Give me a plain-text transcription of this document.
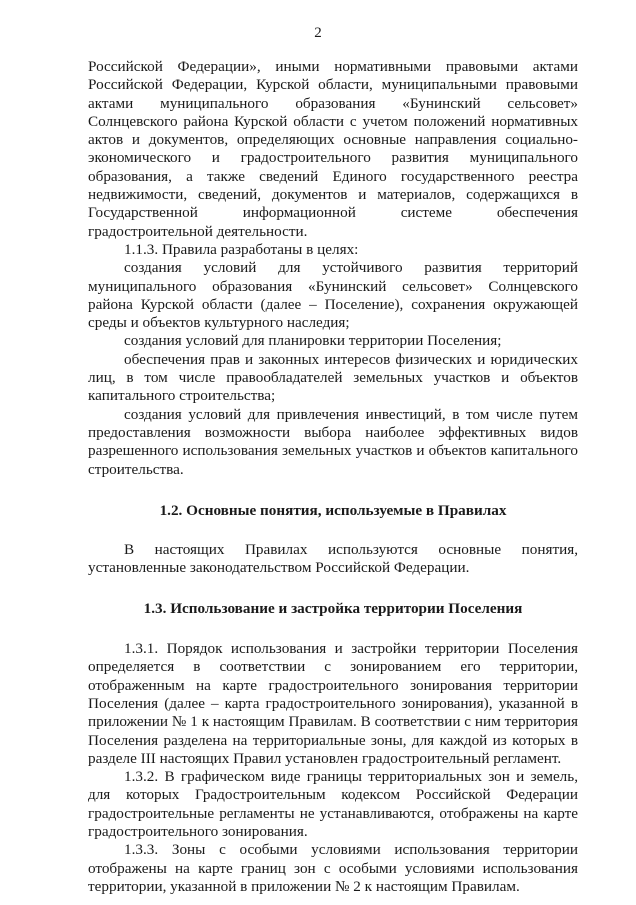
2

Российской Федерации», иными нормативными правовыми актами Российской Федерации, Курской области, муниципальными правовыми актами муниципального образования «Бунинский сельсовет» Солнцевского района Курской области с учетом положений нормативных актов и документов, определяющих основные направления социально-экономического и градостроительного развития муниципального образования, а также сведений Единого государственного реестра недвижимости, сведений, документов и материалов, содержащихся в Государственной информационной системе обеспечения градостроительной деятельности.

1.1.3. Правила разработаны в целях:

создания условий для устойчивого развития территорий муниципального образования «Бунинский сельсовет» Солнцевского района Курской области (далее – Поселение), сохранения окружающей среды и объектов культурного наследия;

создания условий для планировки территории Поселения;

обеспечения прав и законных интересов физических и юридических лиц, в том числе правообладателей земельных участков и объектов капитального строительства;

создания условий для привлечения инвестиций, в том числе путем предоставления возможности выбора наиболее эффективных видов разрешенного использования земельных участков и объектов капитального строительства.

1.2. Основные понятия, используемые в Правилах

В настоящих Правилах используются основные понятия, установленные законодательством Российской Федерации.

1.3. Использование и застройка территории Поселения

1.3.1. Порядок использования и застройки территории Поселения определяется в соответствии с зонированием его территории, отображенным на карте градостроительного зонирования территории Поселения (далее – карта градостроительного зонирования), указанной в приложении № 1 к настоящим Правилам. В соответствии с ним территория Поселения разделена на территориальные зоны, для каждой из которых в разделе III настоящих Правил установлен градостроительный регламент.

1.3.2. В графическом виде границы территориальных зон и земель, для которых Градостроительным кодексом Российской Федерации градостроительные регламенты не устанавливаются, отображены на карте градостроительного зонирования.

1.3.3. Зоны с особыми условиями использования территории отображены на карте границ зон с особыми условиями использования территории, указанной в приложении № 2 к настоящим Правилам.
